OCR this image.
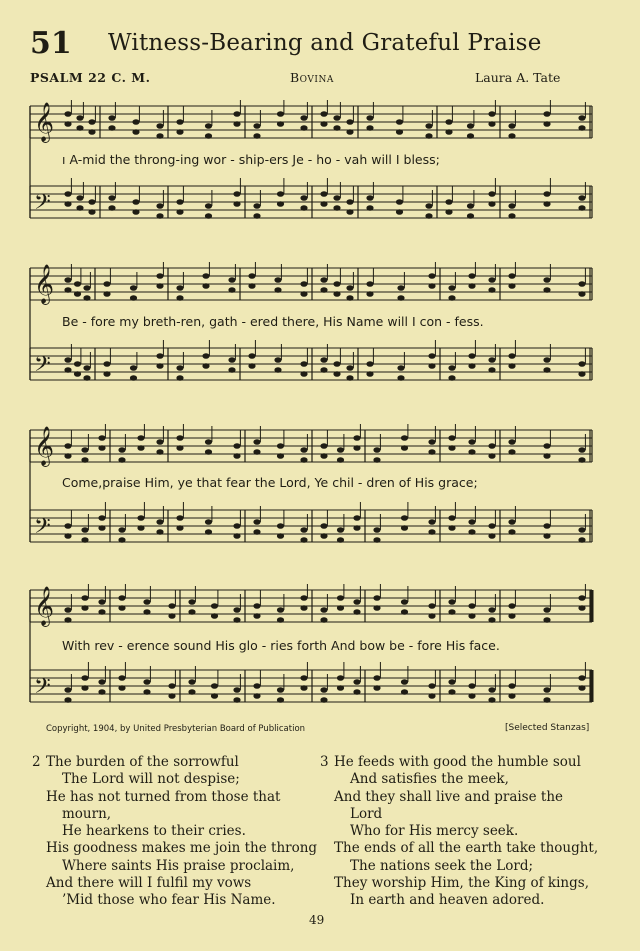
51 Witness-Bearing and Grateful Praise
PSALM 22 C. M.	Bovina	Laura A. Tate
𝄞
𝄢
ı A-mid the throng-ing wor - ship-ers Je - ho - vah will I bless;
𝄞
𝄢
Be - fore my breth-ren, gath - ered there, His Name will I con - fess.
𝄞
𝄢
Come,praise Him, ye that fear the Lord, Ye chil - dren of His grace;
𝄞
𝄢
With rev - erence sound His glo - ries forth And bow be - fore His face.
Copyright, 1904, by United Presbyterian Board of Publication	[Selected Stanzas]
2 The burden of the sorrowful
The Lord will not despise;
He has not turned from those that
mourn,
He hearkens to their cries.
His goodness makes me join the throng
Where saints His praise proclaim,
And there will I fulfil my vows
’Mid those who fear His Name.
3 He feeds with good the humble soul
And satisfies the meek,
And they shall live and praise the
Lord
Who for His mercy seek.
The ends of all the earth take thought,
The nations seek the Lord;
They worship Him, the King of kings,
In earth and heaven adored.
49
